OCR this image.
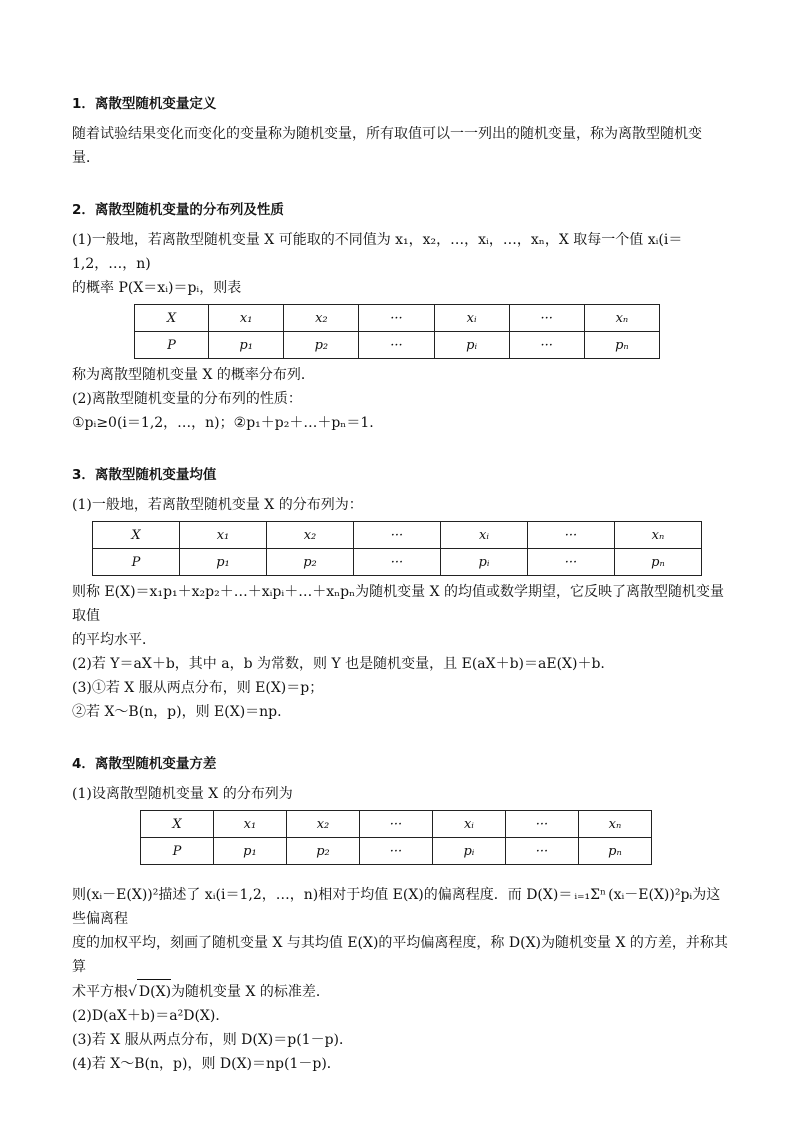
1．离散型随机变量定义

随着试验结果变化而变化的变量称为随机变量，所有取值可以一一列出的随机变量，称为离散型随机变

量．

2．离散型随机变量的分布列及性质

(1)一般地，若离散型随机变量 X 可能取的不同值为 x₁，x₂，…，xᵢ，…，xₙ，X 取每一个值 xᵢ(i＝1,2，…，n)

的概率 P(X＝xᵢ)＝pᵢ，则表

X	x₁	x₂	···	xᵢ	···	xₙ
P	p₁	p₂	···	pᵢ	···	pₙ

称为离散型随机变量 X 的概率分布列．

(2)离散型随机变量的分布列的性质：

①pᵢ≥0(i＝1,2，…，n)；②p₁＋p₂＋…＋pₙ＝1.

3．离散型随机变量均值

(1)一般地，若离散型随机变量 X 的分布列为：

X	x₁	x₂	···	xᵢ	···	xₙ
P	p₁	p₂	···	pᵢ	···	pₙ

则称 E(X)＝x₁p₁＋x₂p₂＋…＋xᵢpᵢ＋…＋xₙpₙ为随机变量 X 的均值或数学期望，它反映了离散型随机变量取值

的平均水平．

(2)若 Y＝aX＋b，其中 a，b 为常数，则 Y 也是随机变量，且 E(aX＋b)＝aE(X)＋b.

(3)①若 X 服从两点分布，则 E(X)＝p；

②若 X～B(n，p)，则 E(X)＝np.

4．离散型随机变量方差

(1)设离散型随机变量 X 的分布列为

X	x₁	x₂	···	xᵢ	···	xₙ
P	p₁	p₂	···	pᵢ	···	pₙ

则(xᵢ－E(X))²描述了 xᵢ(i＝1,2，…，n)相对于均值 E(X)的偏离程度．而 D(X)＝ ᵢ₌₁Σⁿ (xᵢ－E(X))²pᵢ为这些偏离程

度的加权平均，刻画了随机变量 X 与其均值 E(X)的平均偏离程度，称 D(X)为随机变量 X 的方差，并称其算

术平方根√ D(X)为随机变量 X 的标准差．

(2)D(aX＋b)＝a²D(X)．

(3)若 X 服从两点分布，则 D(X)＝p(1－p)．

(4)若 X～B(n，p)，则 D(X)＝np(1－p)．
